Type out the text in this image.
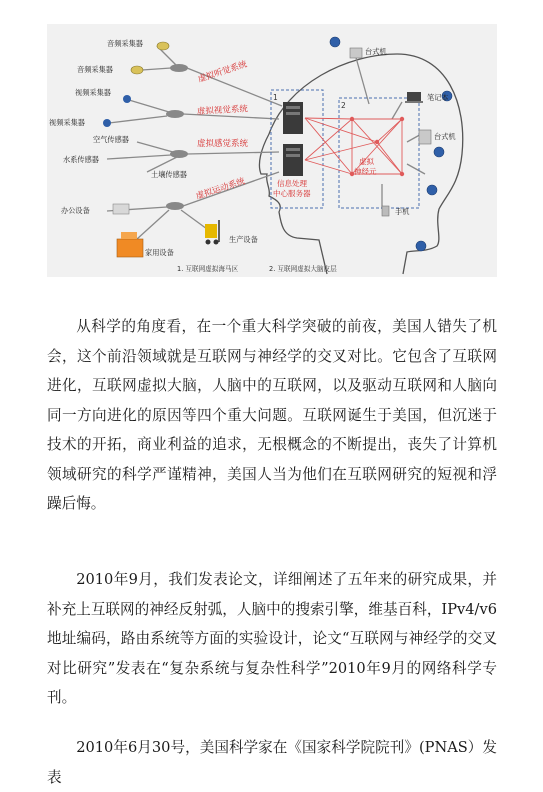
音频采集器
音频采集器
视频采集器
视频采集器
空气传感器
水系传感器
土壤传感器
办公设备
家用设备
生产设备
台式机
笔记本
台式机
手机
1
2
信息处理
中心服务器
虚拟
神经元
虚拟听觉系统
虚拟视觉系统
虚拟感觉系统
虚拟运动系统
1. 互联网虚拟海马区	2. 互联网虚拟大脑皮层

从科学的角度看，在一个重大科学突破的前夜，美国人错失了机会，这个前沿领域就是互联网与神经学的交叉对比。它包含了互联网进化，互联网虚拟大脑，人脑中的互联网，以及驱动互联网和人脑向同一方向进化的原因等四个重大问题。互联网诞生于美国，但沉迷于技术的开拓，商业利益的追求，无根概念的不断提出，丧失了计算机领域研究的科学严谨精神，美国人当为他们在互联网研究的短视和浮躁后悔。

2010年9月，我们发表论文，详细阐述了五年来的研究成果，并补充上互联网的神经反射弧，人脑中的搜索引擎，维基百科，IPv4/v6地址编码，路由系统等方面的实验设计，论文“互联网与神经学的交叉对比研究”发表在“复杂系统与复杂性科学”2010年9月的网络科学专刊。

2010年6月30号，美国科学家在《国家科学院院刊》(PNAS）发表
